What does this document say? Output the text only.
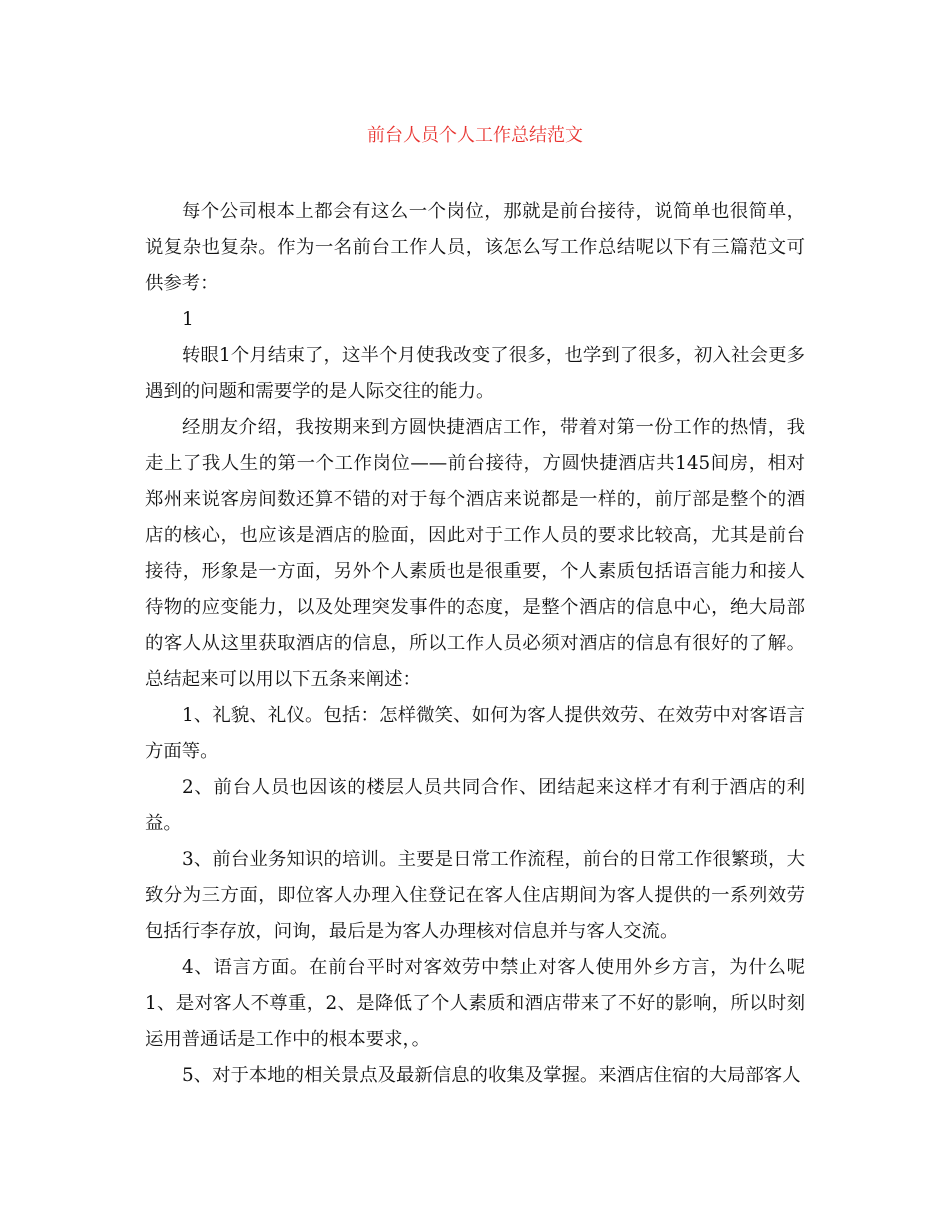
前台人员个人工作总结范文

每个公司根本上都会有这么一个岗位，那就是前台接待，说简单也很简单，说复杂也复杂。作为一名前台工作人员，该怎么写工作总结呢以下有三篇范文可供参考：

1

转眼1个月结束了，这半个月使我改变了很多，也学到了很多，初入社会更多遇到的问题和需要学的是人际交往的能力。

经朋友介绍，我按期来到方圆快捷酒店工作，带着对第一份工作的热情，我走上了我人生的第一个工作岗位——前台接待，方圆快捷酒店共145间房，相对郑州来说客房间数还算不错的对于每个酒店来说都是一样的，前厅部是整个的酒店的核心，也应该是酒店的脸面，因此对于工作人员的要求比较高，尤其是前台接待，形象是一方面，另外个人素质也是很重要，个人素质包括语言能力和接人待物的应变能力，以及处理突发事件的态度，是整个酒店的信息中心，绝大局部的客人从这里获取酒店的信息，所以工作人员必须对酒店的信息有很好的了解。总结起来可以用以下五条来阐述：

1、礼貌、礼仪。包括：怎样微笑、如何为客人提供效劳、在效劳中对客语言方面等。

2、前台人员也因该的楼层人员共同合作、团结起来这样才有利于酒店的利益。

3、前台业务知识的培训。主要是日常工作流程，前台的日常工作很繁琐，大致分为三方面，即位客人办理入住登记在客人住店期间为客人提供的一系列效劳包括行李存放，问询，最后是为客人办理核对信息并与客人交流。

4、语言方面。在前台平时对客效劳中禁止对客人使用外乡方言，为什么呢1、是对客人不尊重，2、是降低了个人素质和酒店带来了不好的影响，所以时刻运用普通话是工作中的根本要求，。

5、对于本地的相关景点及最新信息的收集及掌握。来酒店住宿的大局部客人
